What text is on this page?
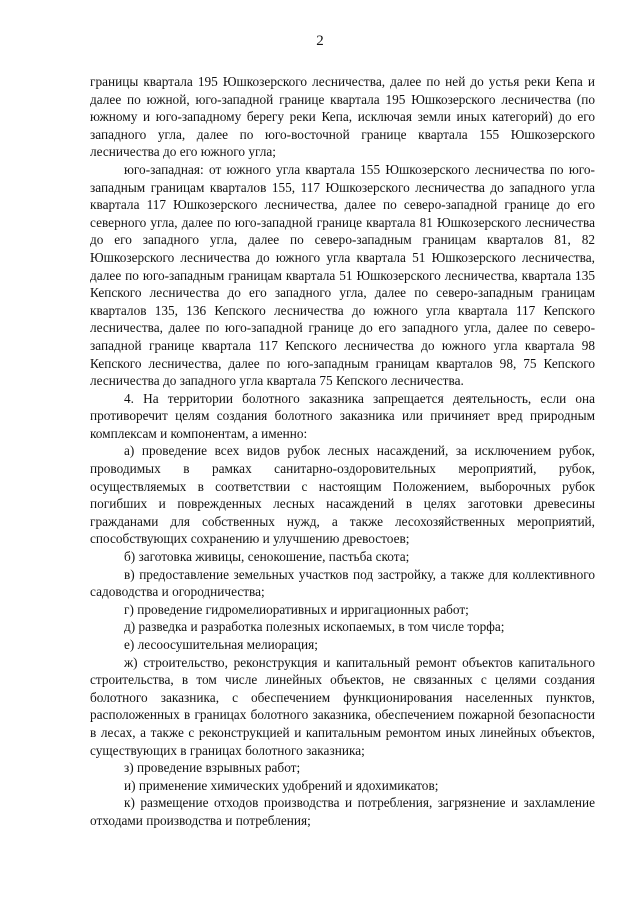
2

границы квартала 195 Юшкозерского лесничества, далее по ней до устья реки Кепа и далее по южной, юго-западной границе квартала 195 Юшкозерского лесничества (по южному и юго-западному берегу реки Кепа, исключая земли иных категорий) до его западного угла, далее по юго-восточной границе квартала 155 Юшкозерского лесничества до его южного угла;

юго-западная: от южного угла квартала 155 Юшкозерского лесничества по юго-западным границам кварталов 155, 117 Юшкозерского лесничества до западного угла квартала 117 Юшкозерского лесничества, далее по северо-западной границе до его северного угла, далее по юго-западной границе квартала 81 Юшкозерского лесничества до его западного угла, далее по северо-западным границам кварталов 81, 82 Юшкозерского лесничества до южного угла квартала 51 Юшкозерского лесничества, далее по юго-западным границам квартала 51 Юшкозерского лесничества, квартала 135 Кепского лесничества до его западного угла, далее по северо-западным границам кварталов 135, 136 Кепского лесничества до южного угла квартала 117 Кепского лесничества, далее по юго-западной границе до его западного угла, далее по северо-западной границе квартала 117 Кепского лесничества до южного угла квартала 98 Кепского лесничества, далее по юго-западным границам кварталов 98, 75 Кепского лесничества до западного угла квартала 75 Кепского лесничества.

4. На территории болотного заказника запрещается деятельность, если она противоречит целям создания болотного заказника или причиняет вред природным комплексам и компонентам, а именно:

а) проведение всех видов рубок лесных насаждений, за исключением рубок, проводимых в рамках санитарно-оздоровительных мероприятий, рубок, осуществляемых в соответствии с настоящим Положением, выборочных рубок погибших и поврежденных лесных насаждений в целях заготовки древесины гражданами для собственных нужд, а также лесохозяйственных мероприятий, способствующих сохранению и улучшению древостоев;

б) заготовка живицы, сенокошение, пастьба скота;

в) предоставление земельных участков под застройку, а также для коллективного садоводства и огородничества;

г) проведение гидромелиоративных и ирригационных работ;

д) разведка и разработка полезных ископаемых, в том числе торфа;

е) лесоосушительная мелиорация;

ж) строительство, реконструкция и капитальный ремонт объектов капитального строительства, в том числе линейных объектов, не связанных с целями создания болотного заказника, с обеспечением функционирования населенных пунктов, расположенных в границах болотного заказника, обеспечением пожарной безопасности в лесах, а также с реконструкцией и капитальным ремонтом иных линейных объектов, существующих в границах болотного заказника;

з) проведение взрывных работ;

и) применение химических удобрений и ядохимикатов;

к) размещение отходов производства и потребления, загрязнение и захламление отходами производства и потребления;
